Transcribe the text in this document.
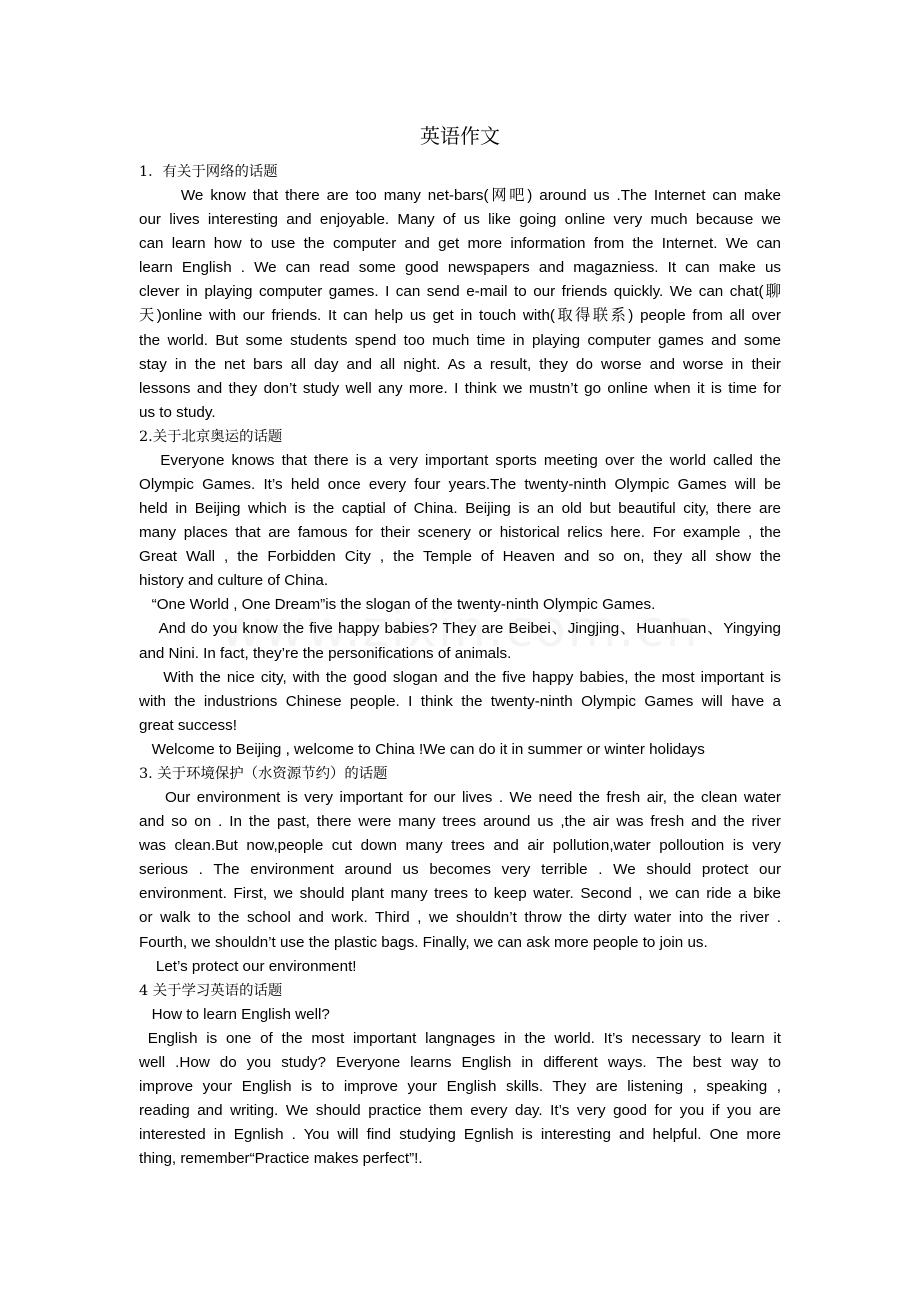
英语作文
1．有关于网络的话题
We know that there are too many net-bars(网吧) around us .The Internet can make
our lives interesting and enjoyable. Many of us like going online very much because we
can learn how to use the computer and get more information from the Internet. We can
learn English . We can read some good newspapers and magazniess. It can make us
clever in playing computer games. I can send e-mail to our friends quickly. We can chat(聊
天)online with our friends. It can help us get in touch with(取得联系) people from all over
the world. But some students spend too much time in playing computer games and some
stay in the net bars all day and all night. As a result, they do worse and worse in their
lessons and they don’t study well any more. I think we mustn’t go online when it is time for
us to study.
2.关于北京奥运的话题
Everyone knows that there is a very important sports meeting over the world called the
Olympic Games. It’s held once every four years.The twenty-ninth Olympic Games will be
held in Beijing which is the captial of China. Beijing is an old but beautiful city, there are
many places that are famous for their scenery or historical relics here. For example , the
Great Wall , the Forbidden City , the Temple of Heaven and so on, they all show the
history and culture of China.
“One World , One Dream”is the slogan of the twenty-ninth Olympic Games.
And do you know the five happy babies? They are Beibei、Jingjing、Huanhuan、Yingying
and Nini. In fact, they’re the personifications of animals.
With the nice city, with the good slogan and the five happy babies, the most important is
with the industrions Chinese people. I think the twenty-ninth Olympic Games will have a
great success!
Welcome to Beijing , welcome to China !We can do it in summer or winter holidays
3. 关于环境保护（水资源节约）的话题
Our environment is very important for our lives . We need the fresh air, the clean water
and so on . In the past, there were many trees around us ,the air was fresh and the river
was clean.But now,people cut down many trees and air pollution,water polloution is very
serious . The environment around us becomes very terrible . We should protect our
environment. First, we should plant many trees to keep water. Second , we can ride a bike
or walk to the school and work. Third , we shouldn’t throw the dirty water into the river .
Fourth, we shouldn’t use the plastic bags. Finally, we can ask more people to join us.
Let’s protect our environment!
4 关于学习英语的话题
How to learn English well?
English is one of the most important langnages in the world. It’s necessary to learn it
well .How do you study? Everyone learns English in different ways. The best way to
improve your English is to improve your English skills. They are listening , speaking ,
reading and writing. We should practice them every day. It’s very good for you if you are
interested in Egnlish . You will find studying Egnlish is interesting and helpful. One more
thing, remember“Practice makes perfect”!.
